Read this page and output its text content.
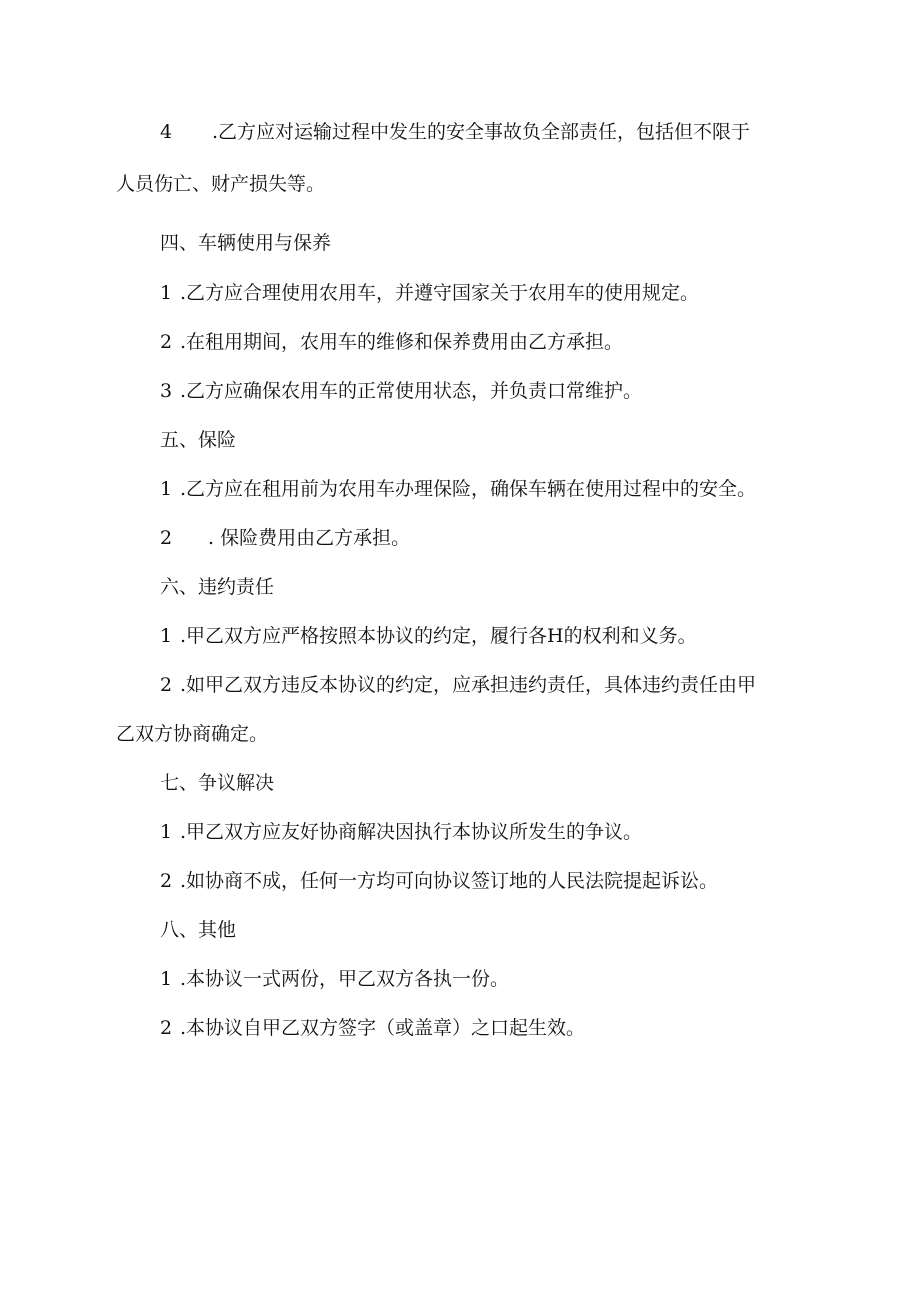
4 .乙方应对运输过程中发生的安全事故负全部责任，包括但不限于
人员伤亡、财产损失等。
四、车辆使用与保养
1 .乙方应合理使用农用车，并遵守国家关于农用车的使用规定。
2 .在租用期间，农用车的维修和保养费用由乙方承担。
3 .乙方应确保农用车的正常使用状态，并负责口常维护。
五、保险
1 .乙方应在租用前为农用车办理保险，确保车辆在使用过程中的安全。
2 . 保险费用由乙方承担。
六、违约责任
1 .甲乙双方应严格按照本协议的约定，履行各H的权利和义务。
2 .如甲乙双方违反本协议的约定，应承担违约责任，具体违约责任由甲
乙双方协商确定。
七、争议解决
1 .甲乙双方应友好协商解决因执行本协议所发生的争议。
2 .如协商不成，任何一方均可向协议签订地的人民法院提起诉讼。
八、其他
1 .本协议一式两份，甲乙双方各执一份。
2 .本协议自甲乙双方签字（或盖章）之口起生效。
